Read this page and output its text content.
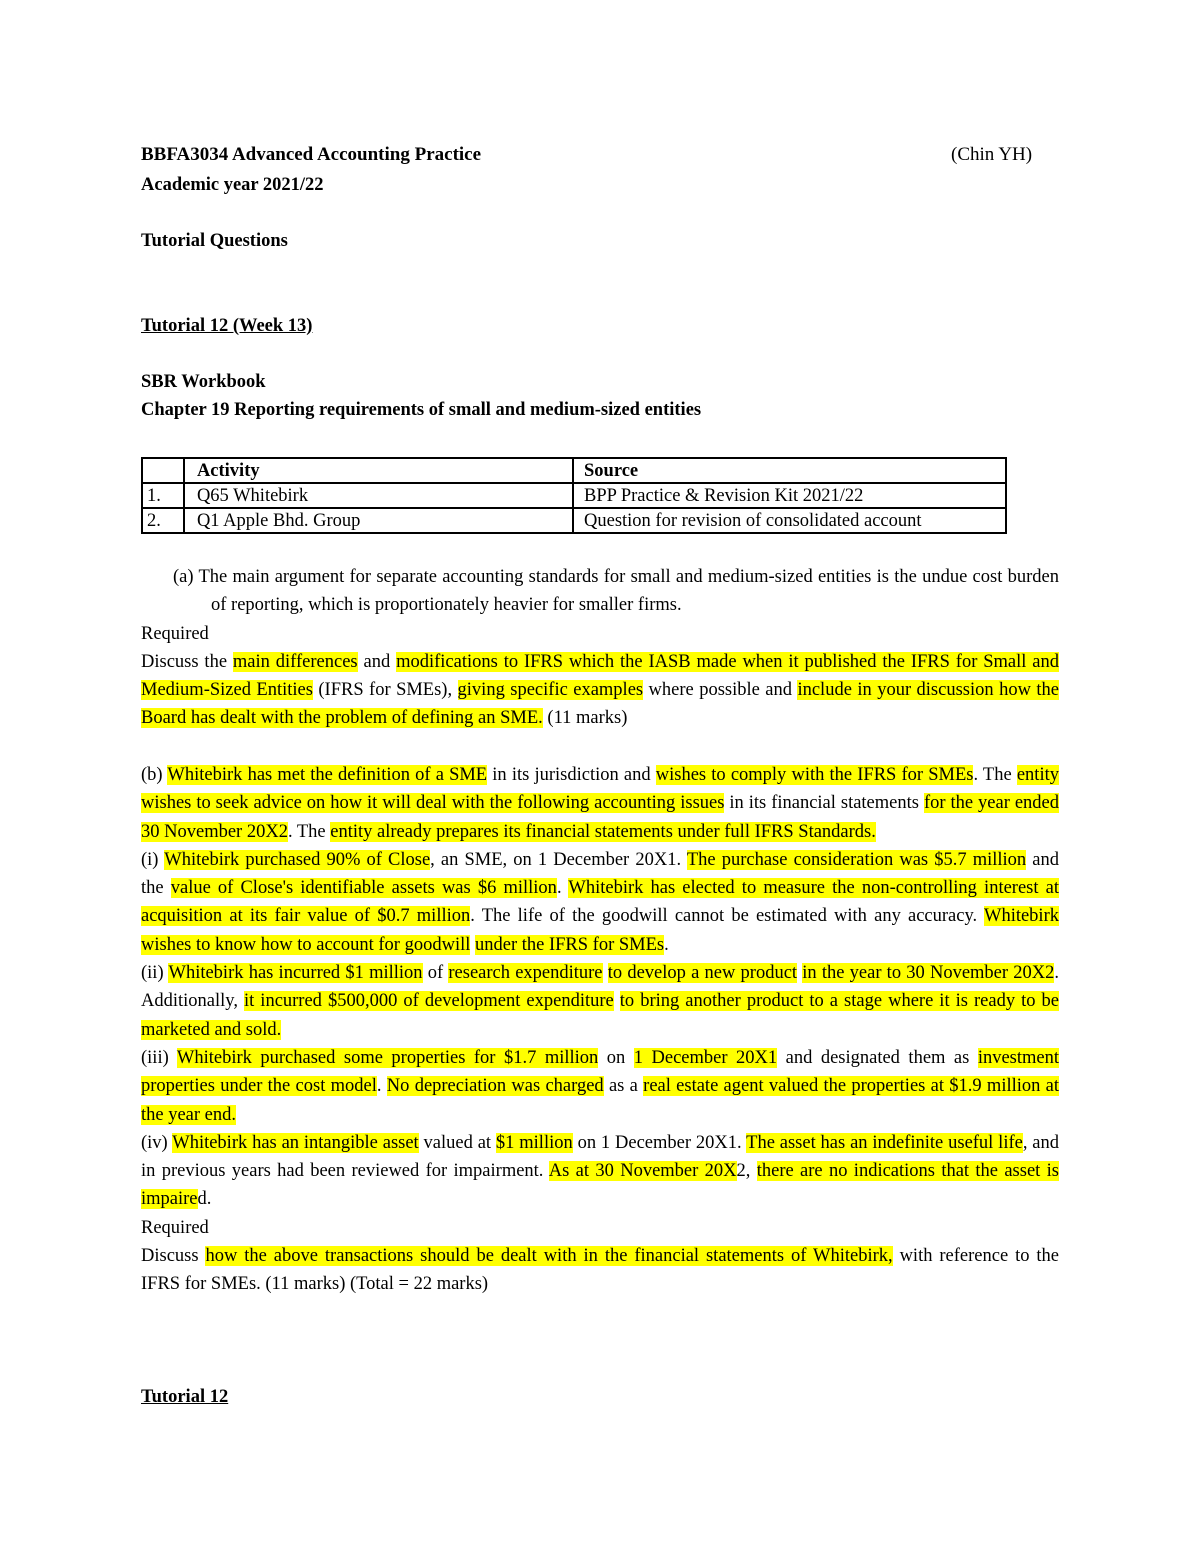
BBFA3034 Advanced Accounting Practice	(Chin YH)
Academic year 2021/22
Tutorial Questions
Tutorial 12 (Week 13)
SBR Workbook
Chapter 19 Reporting requirements of small and medium-sized entities
	Activity	Source
1.	Q65 Whitebirk	BPP Practice & Revision Kit 2021/22
2.	Q1 Apple Bhd. Group	Question for revision of consolidated account

(a) The main argument for separate accounting standards for small and medium-sized entities is the undue cost burden of reporting, which is proportionately heavier for smaller firms.

Required

Discuss the main differences and modifications to IFRS which the IASB made when it published the IFRS for Small and Medium-Sized Entities (IFRS for SMEs), giving specific examples where possible and include in your discussion how the Board has dealt with the problem of defining an SME. (11 marks)

(b) Whitebirk has met the definition of a SME in its jurisdiction and wishes to comply with the IFRS for SMEs. The entity wishes to seek advice on how it will deal with the following accounting issues in its financial statements for the year ended 30 November 20X2. The entity already prepares its financial statements under full IFRS Standards.

(i) Whitebirk purchased 90% of Close, an SME, on 1 December 20X1. The purchase consideration was $5.7 million and the value of Close's identifiable assets was $6 million. Whitebirk has elected to measure the non-controlling interest at acquisition at its fair value of $0.7 million. The life of the goodwill cannot be estimated with any accuracy. Whitebirk wishes to know how to account for goodwill under the IFRS for SMEs.

(ii) Whitebirk has incurred $1 million of research expenditure to develop a new product in the year to 30 November 20X2. Additionally, it incurred $500,000 of development expenditure to bring another product to a stage where it is ready to be marketed and sold.

(iii) Whitebirk purchased some properties for $1.7 million on 1 December 20X1 and designated them as investment properties under the cost model. No depreciation was charged as a real estate agent valued the properties at $1.9 million at the year end.

(iv) Whitebirk has an intangible asset valued at $1 million on 1 December 20X1. The asset has an indefinite useful life, and in previous years had been reviewed for impairment. As at 30 November 20X2, there are no indications that the asset is impaired.

Required

Discuss how the above transactions should be dealt with in the financial statements of Whitebirk, with reference to the IFRS for SMEs. (11 marks) (Total = 22 marks)

Tutorial 12
